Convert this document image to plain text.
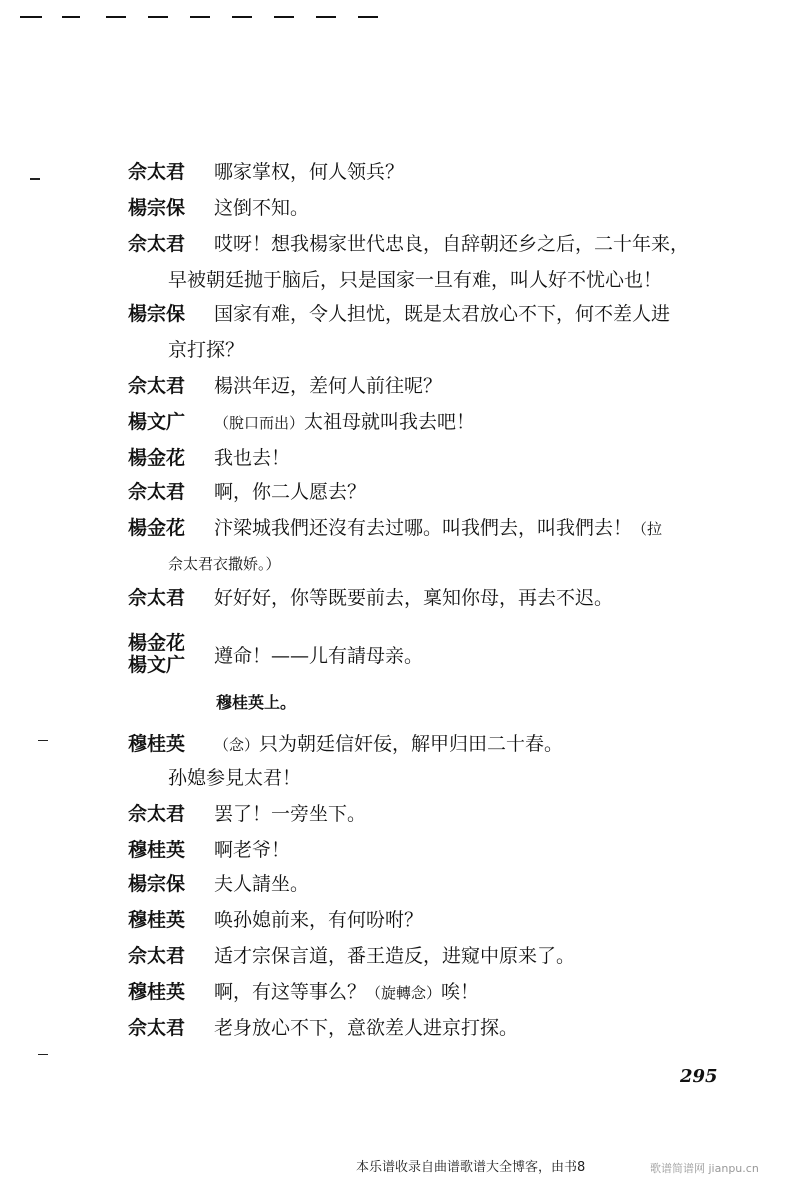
佘太君 哪家掌权，何人领兵？
楊宗保 这倒不知。
佘太君 哎呀！想我楊家世代忠良，自辞朝还乡之后，二十年来，
早被朝廷抛于脑后，只是国家一旦有难，叫人好不忧心也！
楊宗保 国家有难，令人担忧，既是太君放心不下，何不差人进
京打探？
佘太君 楊洪年迈，差何人前往呢？
楊文广 （脫口而出）太祖母就叫我去吧！
楊金花 我也去！
佘太君 啊，你二人愿去？
楊金花 汴梁城我們还沒有去过哪。叫我們去，叫我們去！（拉
佘太君衣撒娇。）
佘太君 好好好，你等既要前去，稟知你母，再去不迟。
楊金花
楊文广 遵命！——儿有請母亲。
穆桂英上。
穆桂英 （念）只为朝廷信奸佞，解甲归田二十春。
孙媳参見太君！
佘太君 罢了！一旁坐下。
穆桂英 啊老爷！
楊宗保 夫人請坐。
穆桂英 唤孙媳前来，有何吩咐？
佘太君 适才宗保言道，番王造反，进窥中原来了。
穆桂英 啊，有这等事么？（旋轉念）唉！
佘太君 老身放心不下，意欲差人进京打探。
295
本乐谱收录自曲谱歌谱大全博客，由书8	歌谱简谱网 jianpu.cn
